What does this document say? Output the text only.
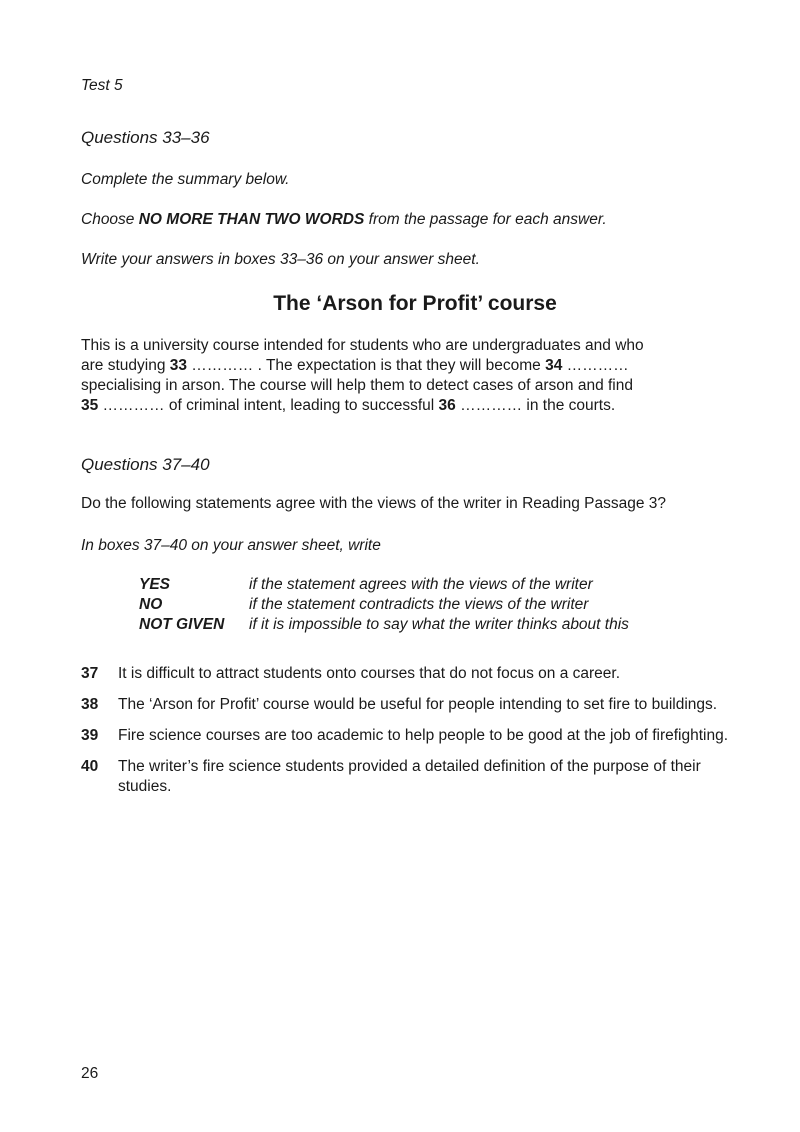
Test 5
Questions 33–36
Complete the summary below.
Choose NO MORE THAN TWO WORDS from the passage for each answer.
Write your answers in boxes 33–36 on your answer sheet.
The ‘Arson for Profit’ course
This is a university course intended for students who are undergraduates and who
are studying 33 ………… . The expectation is that they will become 34 …………
specialising in arson. The course will help them to detect cases of arson and find
35 ………… of criminal intent, leading to successful 36 ………… in the courts.
Questions 37–40
Do the following statements agree with the views of the writer in Reading Passage 3?
In boxes 37–40 on your answer sheet, write
YES	if the statement agrees with the views of the writer
NO	if the statement contradicts the views of the writer
NOT GIVEN	if it is impossible to say what the writer thinks about this
37	It is difficult to attract students onto courses that do not focus on a career.
38	The ‘Arson for Profit’ course would be useful for people intending to set fire to buildings.
39	Fire science courses are too academic to help people to be good at the job of firefighting.
40	The writer’s fire science students provided a detailed definition of the purpose of their studies.
26
